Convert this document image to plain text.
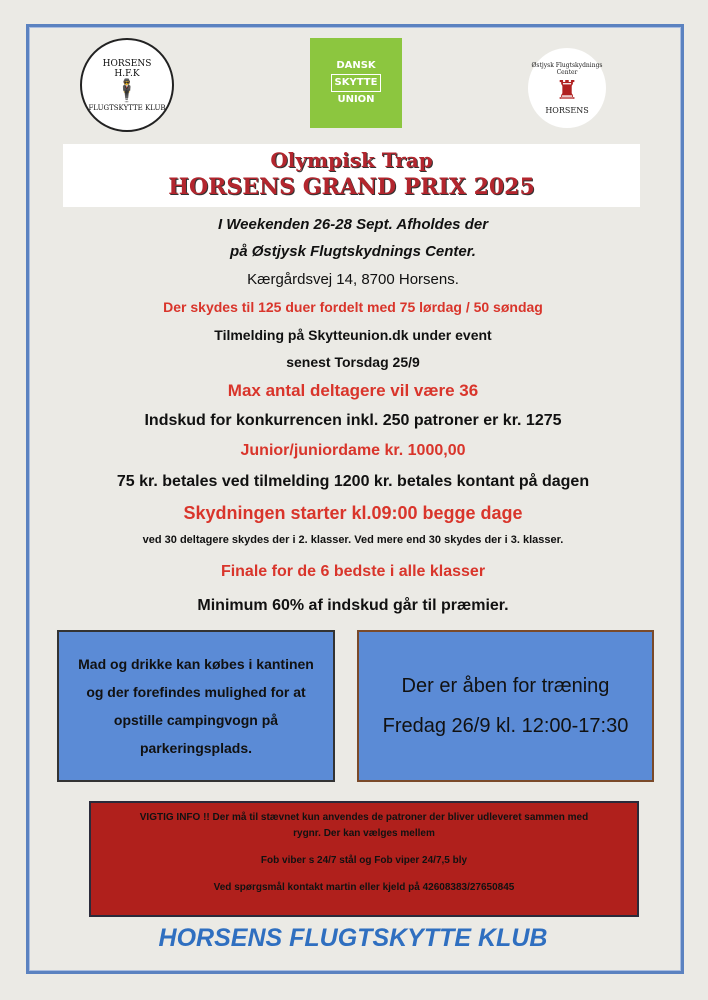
HORSENS
H.F.K
🕴
FLUGTSKYTTE KLUB
DANSK
SKYTTE
UNION
Østjysk Flugtskydnings Center
♜
HORSENS
Olympisk Trap
HORSENS GRAND PRIX 2025
I Weekenden 26-28 Sept. Afholdes der
på Østjysk Flugtskydnings Center.
Kærgårdsvej 14, 8700 Horsens.
Der skydes til 125 duer fordelt med 75 lørdag / 50 søndag
Tilmelding på Skytteunion.dk under event
senest Torsdag 25/9
Max antal deltagere vil være 36
Indskud for konkurrencen inkl. 250 patroner er kr. 1275
Junior/juniordame kr. 1000,00
75 kr. betales ved tilmelding 1200 kr. betales kontant på dagen
Skydningen starter kl.09:00 begge dage
ved 30 deltagere skydes der i 2. klasser. Ved mere end 30 skydes der i 3. klasser.
Finale for de 6 bedste i alle klasser
Minimum 60% af indskud går til præmier.
Mad og drikke kan købes i kantinen
og der forefindes mulighed for at
opstille campingvogn på
parkeringsplads.
Der er åben for træning
Fredag 26/9 kl. 12:00-17:30

VIGTIG INFO !! Der må til stævnet kun anvendes de patroner der bliver udleveret sammen med

rygnr. Der kan vælges mellem

Fob viber s 24/7 stål og Fob viper 24/7,5 bly

Ved spørgsmål kontakt martin eller kjeld på 42608383/27650845

HORSENS FLUGTSKYTTE KLUB
